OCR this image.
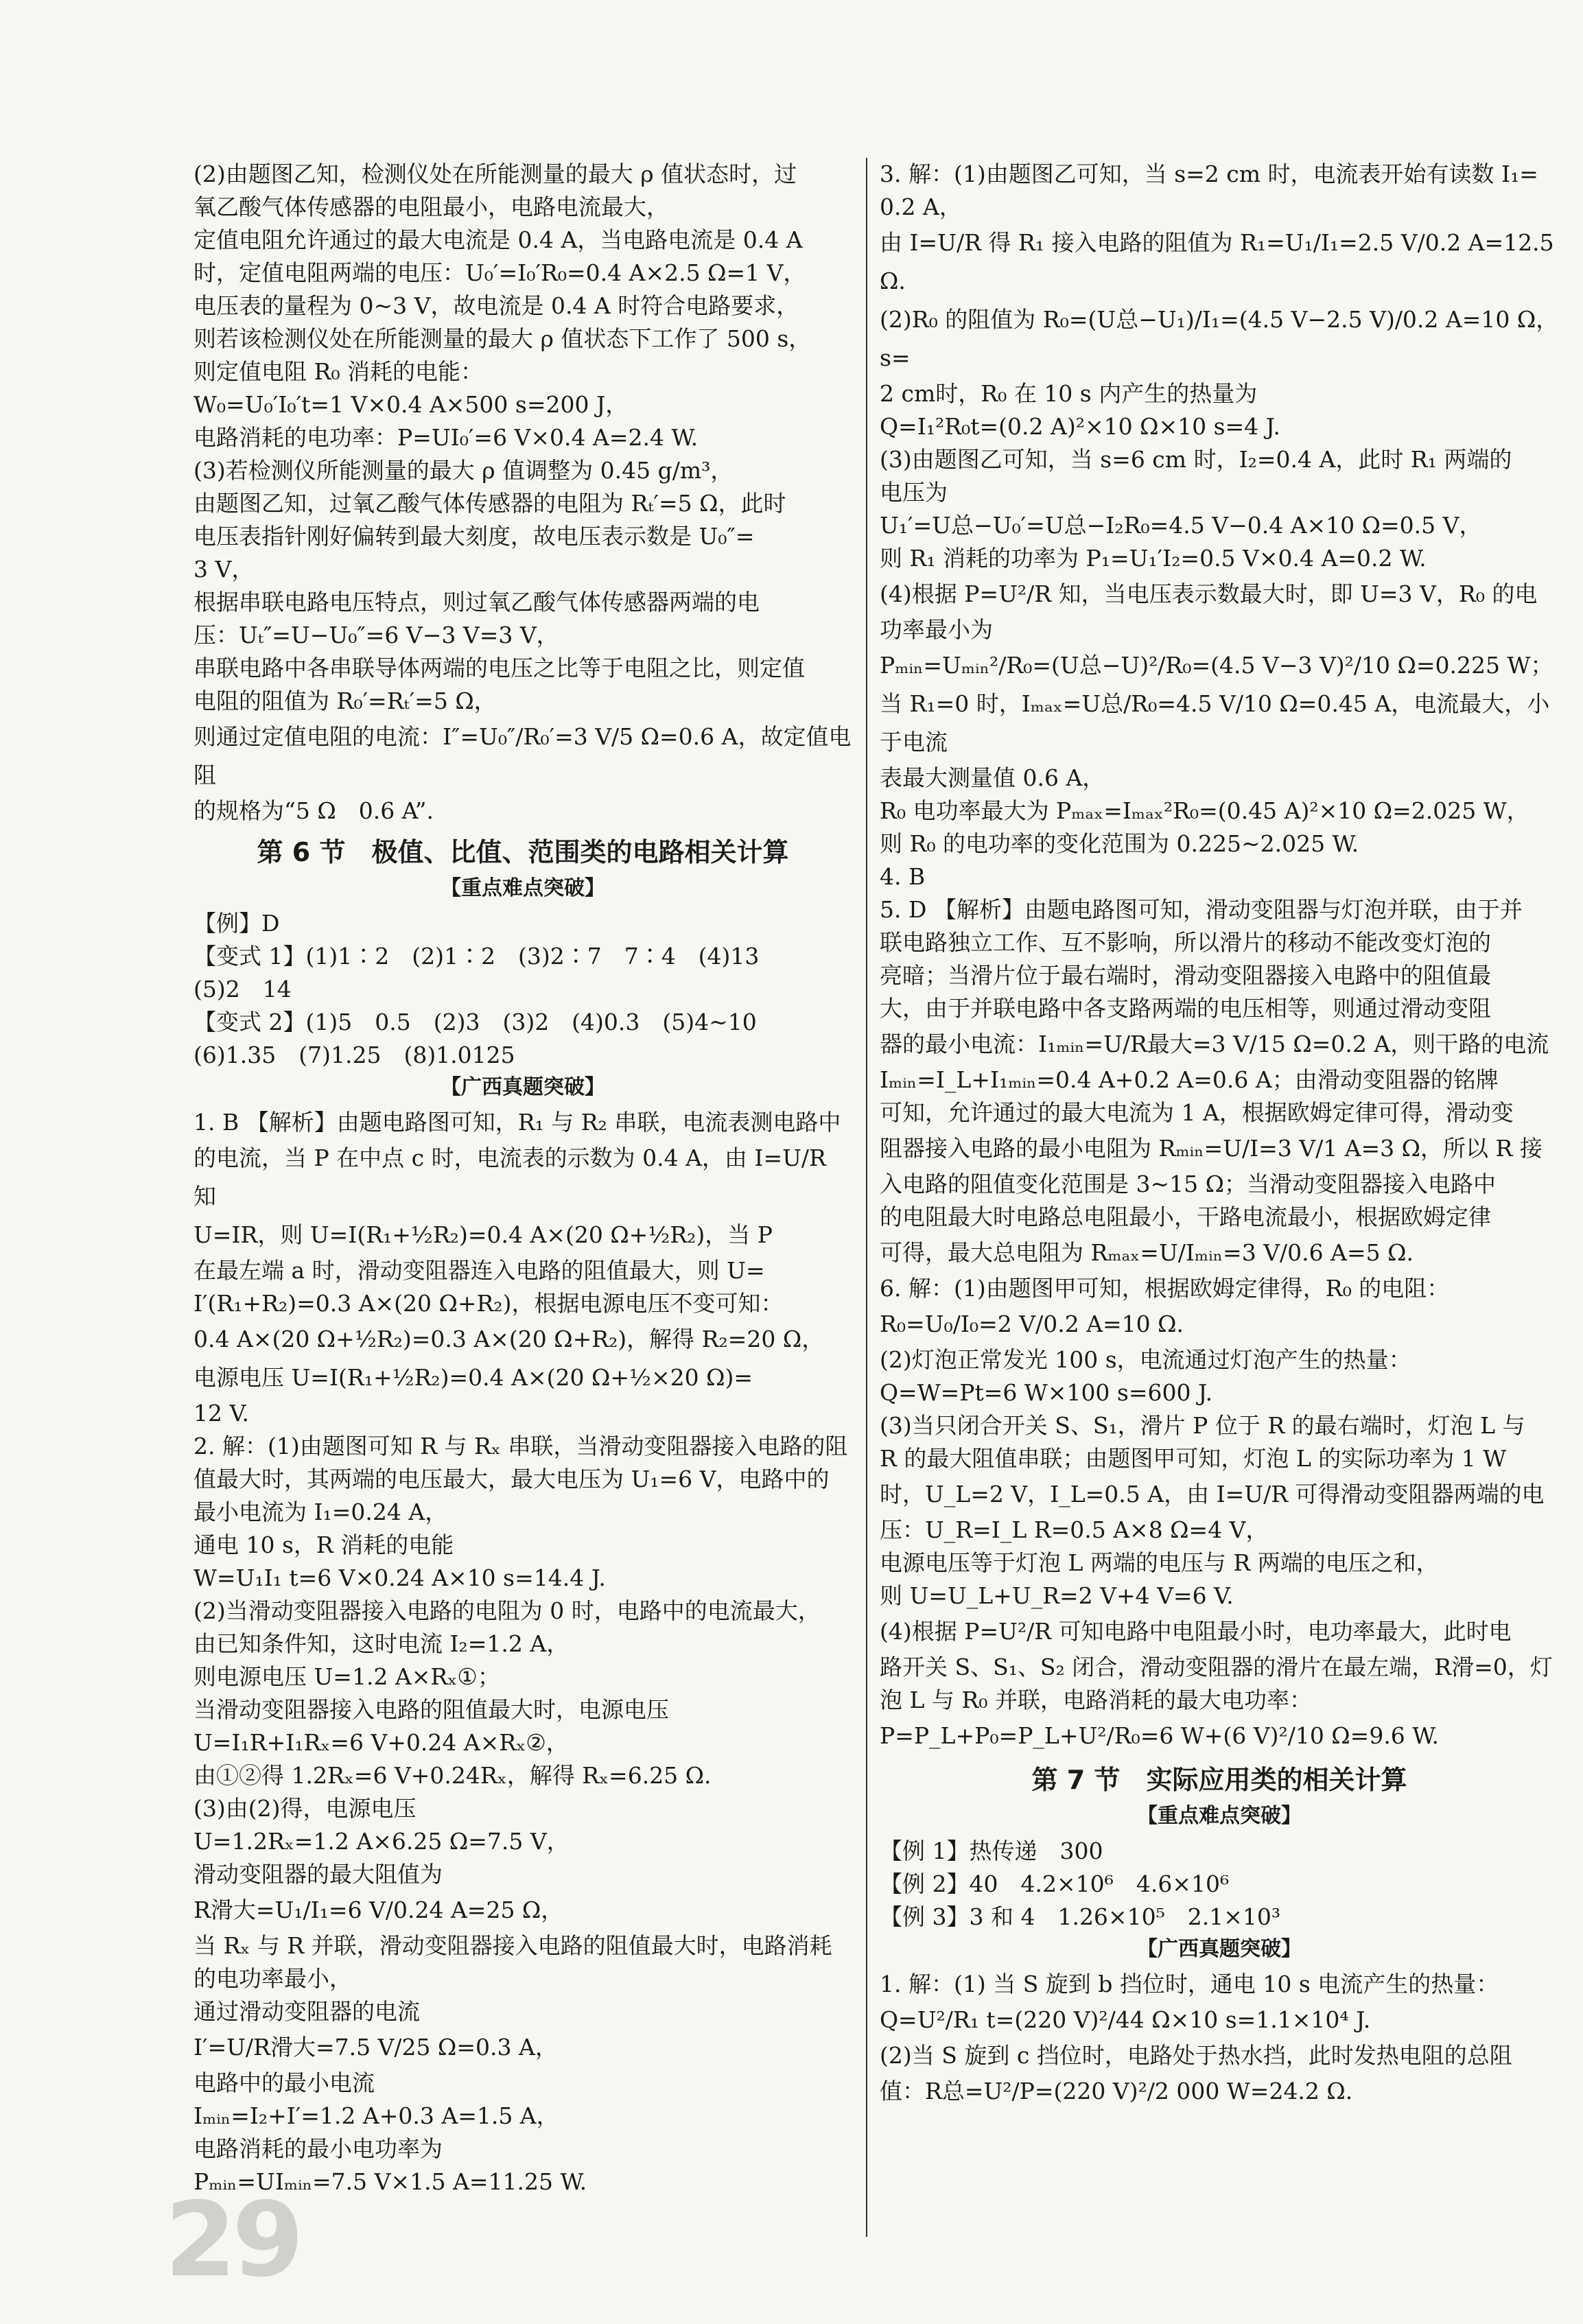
(2)由题图乙知，检测仪处在所能测量的最大 ρ 值状态时，过
氧乙酸气体传感器的电阻最小，电路电流最大，
定值电阻允许通过的最大电流是 0.4 A，当电路电流是 0.4 A
时，定值电阻两端的电压：U₀′=I₀′R₀=0.4 A×2.5 Ω=1 V，
电压表的量程为 0~3 V，故电流是 0.4 A 时符合电路要求，
则若该检测仪处在所能测量的最大 ρ 值状态下工作了 500 s，
则定值电阻 R₀ 消耗的电能：
W₀=U₀′I₀′t=1 V×0.4 A×500 s=200 J，
电路消耗的电功率：P=UI₀′=6 V×0.4 A=2.4 W.
(3)若检测仪所能测量的最大 ρ 值调整为 0.45 g/m³，
由题图乙知，过氧乙酸气体传感器的电阻为 Rₜ′=5 Ω，此时
电压表指针刚好偏转到最大刻度，故电压表示数是 U₀″=
3 V，
根据串联电路电压特点，则过氧乙酸气体传感器两端的电
压：Uₜ″=U−U₀″=6 V−3 V=3 V，
串联电路中各串联导体两端的电压之比等于电阻之比，则定值
电阻的阻值为 R₀′=Rₜ′=5 Ω，
则通过定值电阻的电流：I″=U₀″/R₀′=3 V/5 Ω=0.6 A，故定值电阻
的规格为“5 Ω　0.6 A”.
第 6 节　极值、比值、范围类的电路相关计算
【重点难点突破】
【例】D
【变式 1】(1)1∶2　(2)1∶2　(3)2∶7　7∶4　(4)13
(5)2　14
【变式 2】(1)5　0.5　(2)3　(3)2　(4)0.3　(5)4~10
(6)1.35　(7)1.25　(8)1.0125
【广西真题突破】
1. B 【解析】由题电路图可知，R₁ 与 R₂ 串联，电流表测电路中
的电流，当 P 在中点 c 时，电流表的示数为 0.4 A，由 I=U/R 知
U=IR，则 U=I(R₁+½R₂)=0.4 A×(20 Ω+½R₂)，当 P
在最左端 a 时，滑动变阻器连入电路的阻值最大，则 U=
I′(R₁+R₂)=0.3 A×(20 Ω+R₂)，根据电源电压不变可知：
0.4 A×(20 Ω+½R₂)=0.3 A×(20 Ω+R₂)，解得 R₂=20 Ω，
电源电压 U=I(R₁+½R₂)=0.4 A×(20 Ω+½×20 Ω)=
12 V.
2. 解：(1)由题图可知 R 与 Rₓ 串联，当滑动变阻器接入电路的阻
值最大时，其两端的电压最大，最大电压为 U₁=6 V，电路中的
最小电流为 I₁=0.24 A，
通电 10 s，R 消耗的电能
W=U₁I₁ t=6 V×0.24 A×10 s=14.4 J.
(2)当滑动变阻器接入电路的电阻为 0 时，电路中的电流最大，
由已知条件知，这时电流 I₂=1.2 A，
则电源电压 U=1.2 A×Rₓ①；
当滑动变阻器接入电路的阻值最大时，电源电压
U=I₁R+I₁Rₓ=6 V+0.24 A×Rₓ②，
由①②得 1.2Rₓ=6 V+0.24Rₓ，解得 Rₓ=6.25 Ω.
(3)由(2)得，电源电压
U=1.2Rₓ=1.2 A×6.25 Ω=7.5 V，
滑动变阻器的最大阻值为
R滑大=U₁/I₁=6 V/0.24 A=25 Ω，
当 Rₓ 与 R 并联，滑动变阻器接入电路的阻值最大时，电路消耗
的电功率最小，
通过滑动变阻器的电流
I′=U/R滑大=7.5 V/25 Ω=0.3 A，
电路中的最小电流
Iₘᵢₙ=I₂+I′=1.2 A+0.3 A=1.5 A，
电路消耗的最小电功率为
Pₘᵢₙ=UIₘᵢₙ=7.5 V×1.5 A=11.25 W.
3. 解：(1)由题图乙可知，当 s=2 cm 时，电流表开始有读数 I₁=
0.2 A，
由 I=U/R 得 R₁ 接入电路的阻值为 R₁=U₁/I₁=2.5 V/0.2 A=12.5 Ω.
(2)R₀ 的阻值为 R₀=(U总−U₁)/I₁=(4.5 V−2.5 V)/0.2 A=10 Ω，s=
2 cm时，R₀ 在 10 s 内产生的热量为
Q=I₁²R₀t=(0.2 A)²×10 Ω×10 s=4 J.
(3)由题图乙可知，当 s=6 cm 时，I₂=0.4 A，此时 R₁ 两端的
电压为
U₁′=U总−U₀′=U总−I₂R₀=4.5 V−0.4 A×10 Ω=0.5 V，
则 R₁ 消耗的功率为 P₁=U₁′I₂=0.5 V×0.4 A=0.2 W.
(4)根据 P=U²/R 知，当电压表示数最大时，即 U=3 V，R₀ 的电
功率最小为
Pₘᵢₙ=Uₘᵢₙ²/R₀=(U总−U)²/R₀=(4.5 V−3 V)²/10 Ω=0.225 W；
当 R₁=0 时，Iₘₐₓ=U总/R₀=4.5 V/10 Ω=0.45 A，电流最大，小于电流
表最大测量值 0.6 A，
R₀ 电功率最大为 Pₘₐₓ=Iₘₐₓ²R₀=(0.45 A)²×10 Ω=2.025 W，
则 R₀ 的电功率的变化范围为 0.225~2.025 W.
4. B
5. D 【解析】由题电路图可知，滑动变阻器与灯泡并联，由于并
联电路独立工作、互不影响，所以滑片的移动不能改变灯泡的
亮暗；当滑片位于最右端时，滑动变阻器接入电路中的阻值最
大，由于并联电路中各支路两端的电压相等，则通过滑动变阻
器的最小电流：I₁ₘᵢₙ=U/R最大=3 V/15 Ω=0.2 A，则干路的电流
Iₘᵢₙ=I_L+I₁ₘᵢₙ=0.4 A+0.2 A=0.6 A；由滑动变阻器的铭牌
可知，允许通过的最大电流为 1 A，根据欧姆定律可得，滑动变
阻器接入电路的最小电阻为 Rₘᵢₙ=U/I=3 V/1 A=3 Ω，所以 R 接
入电路的阻值变化范围是 3~15 Ω；当滑动变阻器接入电路中
的电阻最大时电路总电阻最小，干路电流最小，根据欧姆定律
可得，最大总电阻为 Rₘₐₓ=U/Iₘᵢₙ=3 V/0.6 A=5 Ω.
6. 解：(1)由题图甲可知，根据欧姆定律得，R₀ 的电阻：
R₀=U₀/I₀=2 V/0.2 A=10 Ω.
(2)灯泡正常发光 100 s，电流通过灯泡产生的热量：
Q=W=Pt=6 W×100 s=600 J.
(3)当只闭合开关 S、S₁，滑片 P 位于 R 的最右端时，灯泡 L 与
R 的最大阻值串联；由题图甲可知，灯泡 L 的实际功率为 1 W
时，U_L=2 V，I_L=0.5 A，由 I=U/R 可得滑动变阻器两端的电
压：U_R=I_L R=0.5 A×8 Ω=4 V，
电源电压等于灯泡 L 两端的电压与 R 两端的电压之和，
则 U=U_L+U_R=2 V+4 V=6 V.
(4)根据 P=U²/R 可知电路中电阻最小时，电功率最大，此时电
路开关 S、S₁、S₂ 闭合，滑动变阻器的滑片在最左端，R滑=0，灯
泡 L 与 R₀ 并联，电路消耗的最大电功率：
P=P_L+P₀=P_L+U²/R₀=6 W+(6 V)²/10 Ω=9.6 W.
第 7 节　实际应用类的相关计算
【重点难点突破】
【例 1】热传递　300
【例 2】40　4.2×10⁶　4.6×10⁶
【例 3】3 和 4　1.26×10⁵　2.1×10³
【广西真题突破】
1. 解：(1) 当 S 旋到 b 挡位时，通电 10 s 电流产生的热量：
Q=U²/R₁ t=(220 V)²/44 Ω×10 s=1.1×10⁴ J.
(2)当 S 旋到 c 挡位时，电路处于热水挡，此时发热电阻的总阻
值：R总=U²/P=(220 V)²/2 000 W=24.2 Ω.
29
